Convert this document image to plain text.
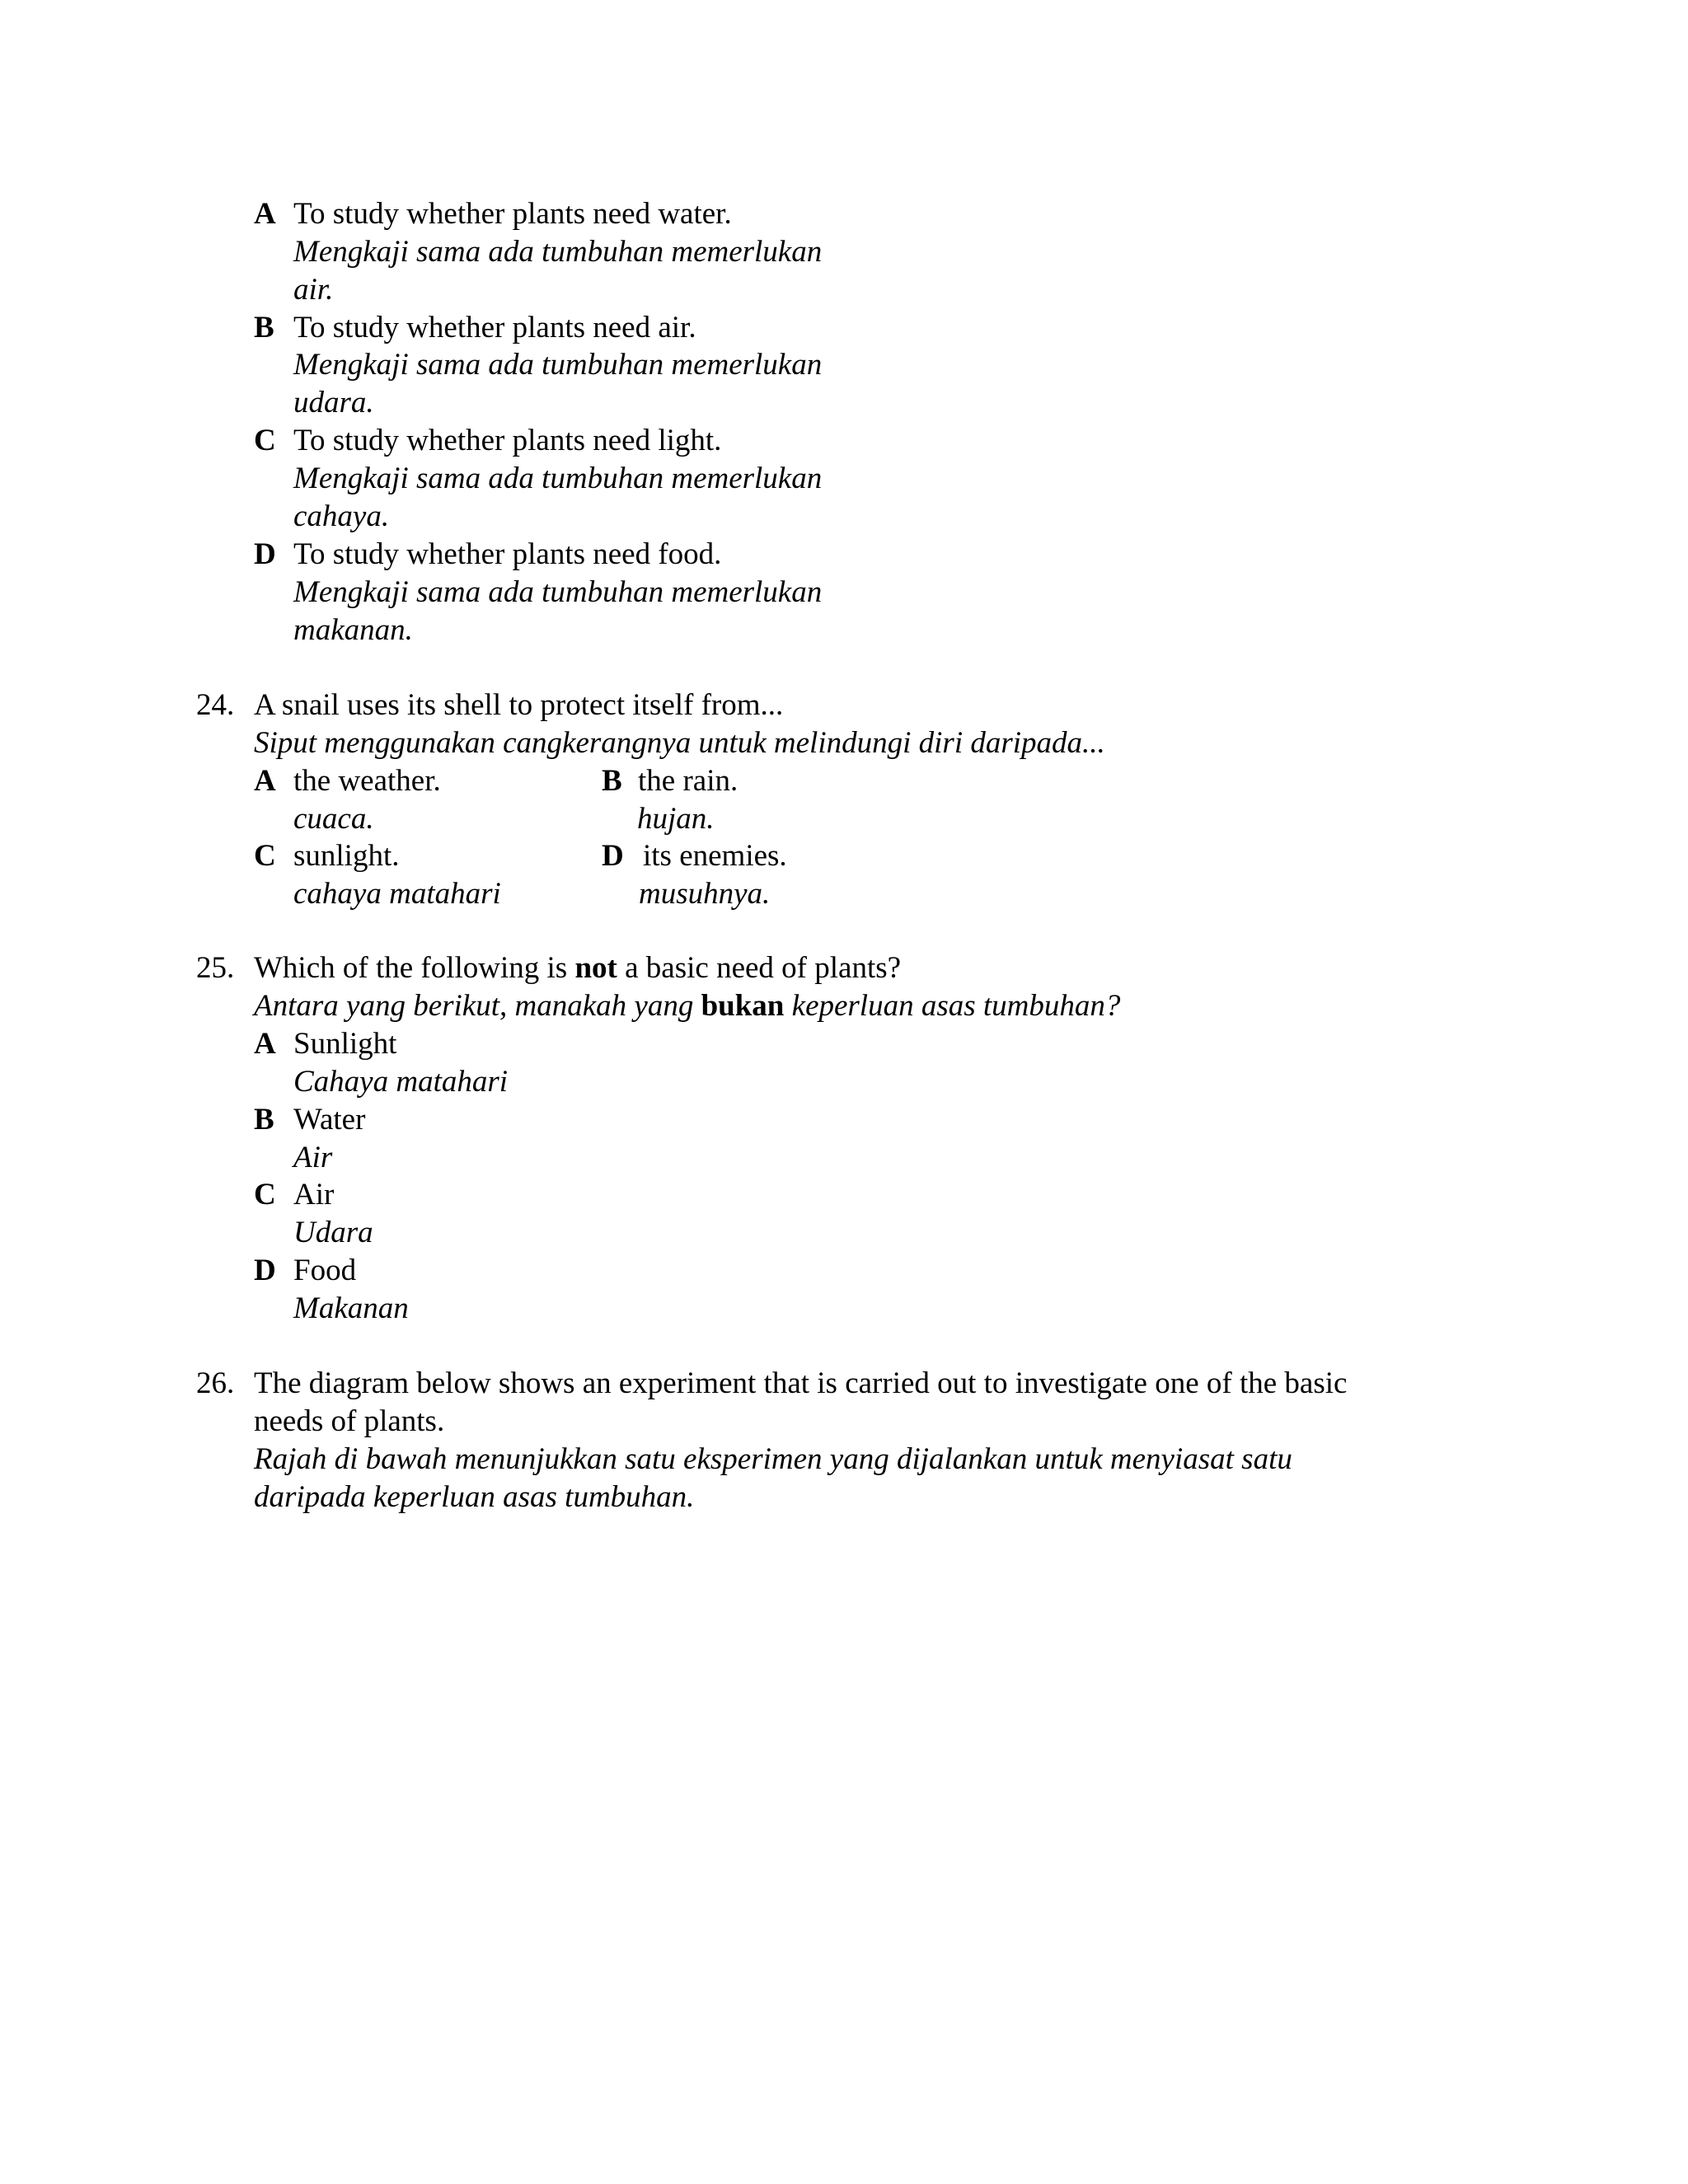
A To study whether plants need water.
Mengkaji sama ada tumbuhan memerlukan
air.
B To study whether plants need air.
Mengkaji sama ada tumbuhan memerlukan
udara.
C To study whether plants need light.
Mengkaji sama ada tumbuhan memerlukan
cahaya.
D To study whether plants need food.
Mengkaji sama ada tumbuhan memerlukan
makanan.
24. A snail uses its shell to protect itself from...
Siput menggunakan cangkerangnya untuk melindungi diri daripada...
A the weather.
cuaca.
B the rain.
hujan.
C sunlight.
cahaya matahari
D its enemies.
musuhnya.
25. Which of the following is not a basic need of plants?
Antara yang berikut, manakah yang bukan keperluan asas tumbuhan?
A Sunlight
Cahaya matahari
B Water
Air
C Air
Udara
D Food
Makanan
26. The diagram below shows an experiment that is carried out to investigate one of the basic
needs of plants.
Rajah di bawah menunjukkan satu eksperimen yang dijalankan untuk menyiasat satu
daripada keperluan asas tumbuhan.
